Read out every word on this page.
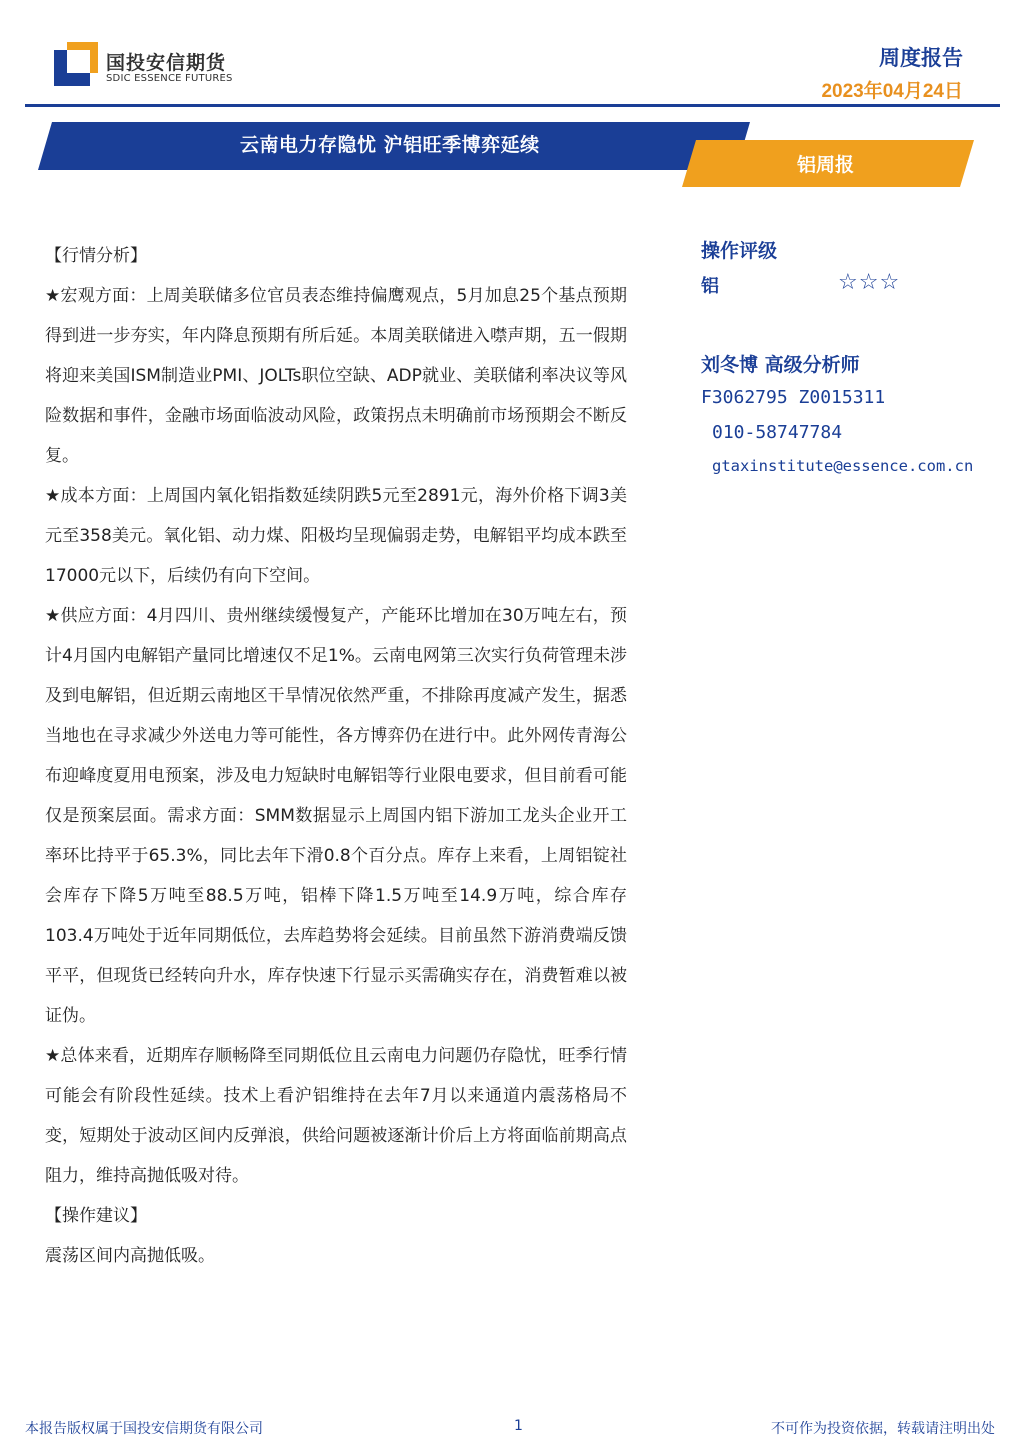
国投安信期货
SDIC ESSENCE FUTURES
周度报告
2023年04月24日
云南电力存隐忧 沪铝旺季博弈延续
铝周报

【行情分析】

★宏观方面：上周美联储多位官员表态维持偏鹰观点，5月加息25个基点预期得到进一步夯实，年内降息预期有所后延。本周美联储进入噤声期，五一假期将迎来美国ISM制造业PMI、JOLTs职位空缺、ADP就业、美联储利率决议等风险数据和事件，金融市场面临波动风险，政策拐点未明确前市场预期会不断反复。

★成本方面：上周国内氧化铝指数延续阴跌5元至2891元，海外价格下调3美元至358美元。氧化铝、动力煤、阳极均呈现偏弱走势，电解铝平均成本跌至17000元以下，后续仍有向下空间。

★供应方面：4月四川、贵州继续缓慢复产，产能环比增加在30万吨左右，预计4月国内电解铝产量同比增速仅不足1%。云南电网第三次实行负荷管理未涉及到电解铝，但近期云南地区干旱情况依然严重，不排除再度减产发生，据悉当地也在寻求减少外送电力等可能性，各方博弈仍在进行中。此外网传青海公布迎峰度夏用电预案，涉及电力短缺时电解铝等行业限电要求，但目前看可能仅是预案层面。需求方面：SMM数据显示上周国内铝下游加工龙头企业开工率环比持平于65.3%，同比去年下滑0.8个百分点。库存上来看，上周铝锭社会库存下降5万吨至88.5万吨，铝棒下降1.5万吨至14.9万吨，综合库存103.4万吨处于近年同期低位，去库趋势将会延续。目前虽然下游消费端反馈平平，但现货已经转向升水，库存快速下行显示买需确实存在，消费暂难以被证伪。

★总体来看，近期库存顺畅降至同期低位且云南电力问题仍存隐忧，旺季行情可能会有阶段性延续。技术上看沪铝维持在去年7月以来通道内震荡格局不变，短期处于波动区间内反弹浪，供给问题被逐渐计价后上方将面临前期高点阻力，维持高抛低吸对待。

【操作建议】

震荡区间内高抛低吸。

操作评级
铝	☆☆☆
刘冬博 高级分析师
F3062795 Z0015311
010-58747784
gtaxinstitute@essence.com.cn
本报告版权属于国投安信期货有限公司	1	不可作为投资依据，转载请注明出处
